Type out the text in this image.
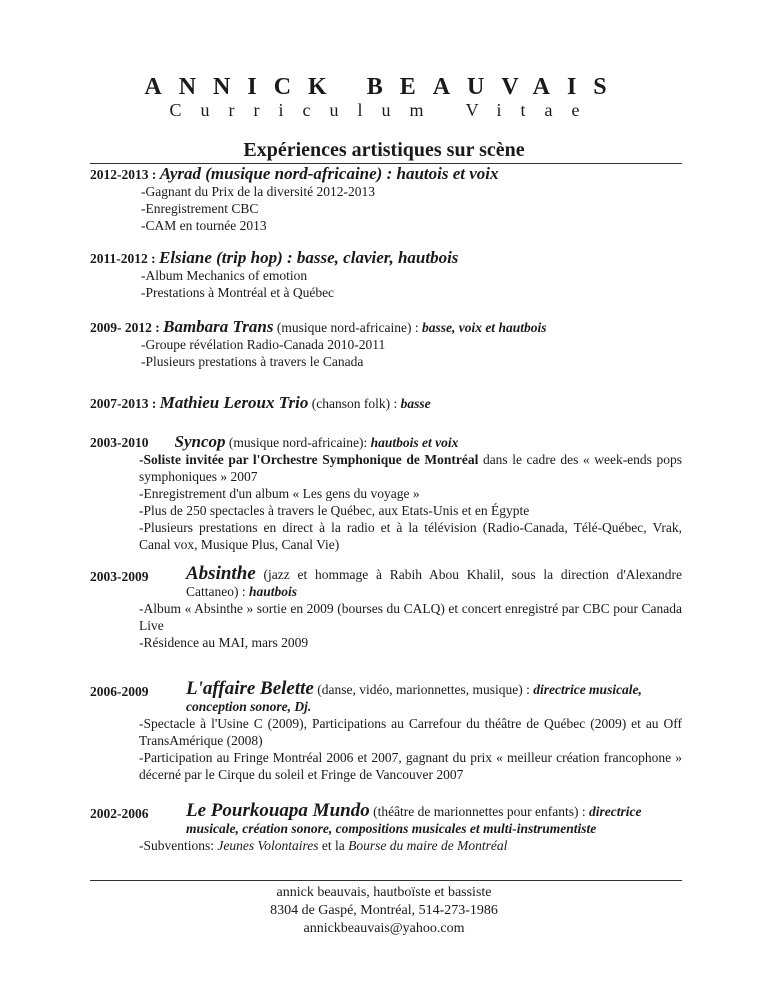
ANNICK BEAUVAIS
Curriculum Vitae
Expériences artistiques sur scène
2012-2013 : Ayrad (musique nord-africaine) : hautois et voix
-Gagnant du Prix de la diversité 2012-2013
-Enregistrement CBC
-CAM en tournée 2013
2011-2012 : Elsiane (trip hop) : basse, clavier, hautbois
-Album Mechanics of emotion
-Prestations à Montréal et à Québec
2009- 2012 : Bambara Trans (musique nord-africaine) : basse, voix et hautbois
-Groupe révélation Radio-Canada 2010-2011
-Plusieurs prestations à travers le Canada
2007-2013 : Mathieu Leroux Trio (chanson folk) : basse
2003-2010 Syncop (musique nord-africaine): hautbois et voix
-Soliste invitée par l'Orchestre Symphonique de Montréal dans le cadre des « week-ends pops symphoniques » 2007
-Enregistrement d'un album « Les gens du voyage »
-Plus de 250 spectacles à travers le Québec, aux Etats-Unis et en Égypte
-Plusieurs prestations en direct à la radio et à la télévision (Radio-Canada, Télé-Québec, Vrak, Canal vox, Musique Plus, Canal Vie)
2003-2009	Absinthe (jazz et hommage à Rabih Abou Khalil, sous la direction d'Alexandre Cattaneo) : hautbois
-Album « Absinthe » sortie en 2009 (bourses du CALQ) et concert enregistré par CBC pour Canada Live
-Résidence au MAI, mars 2009
2006-2009	L'affaire Belette (danse, vidéo, marionnettes, musique) : directrice musicale, conception sonore, Dj.
-Spectacle à l'Usine C (2009), Participations au Carrefour du théâtre de Québec (2009) et au Off TransAmérique (2008)
-Participation au Fringe Montréal 2006 et 2007, gagnant du prix « meilleur création francophone » décerné par le Cirque du soleil et Fringe de Vancouver 2007
2002-2006	Le Pourkouapa Mundo (théâtre de marionnettes pour enfants) : directrice musicale, création sonore, compositions musicales et multi-instrumentiste
-Subventions: Jeunes Volontaires et la Bourse du maire de Montréal
annick beauvais, hautboïste et bassiste
8304 de Gaspé, Montréal, 514-273-1986
annickbeauvais@yahoo.com
